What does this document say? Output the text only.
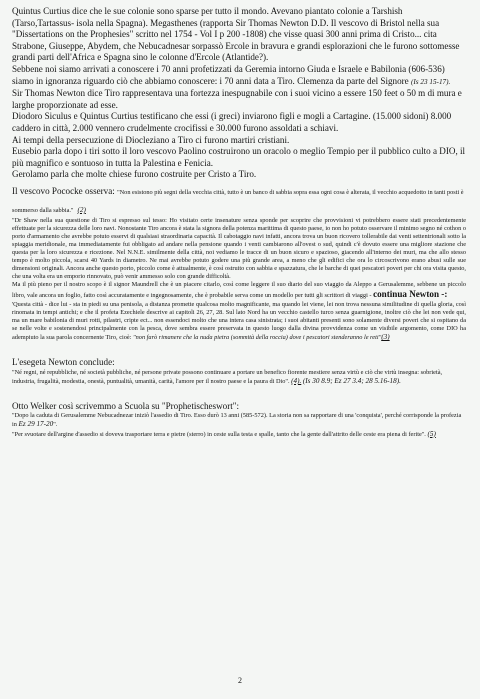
Quintus Curtius dice che le sue colonie sono sparse per tutto il mondo. Avevano piantato colonie a Tarshish (Tarso,Tartassus- isola nella Spagna). Megasthenes (rapporta Sir Thomas Newton D.D. Il vescovo di Bristol nella sua "Dissertations on the Prophesies" scritto nel 1754 - Vol I p 200 -1808) che visse quasi 300 anni prima di Cristo... cita Strabone, Giuseppe, Abydem, che Nebucadnesar sorpassò Ercole in bravura e grandi esplorazioni che le furono sottomesse grandi parti dell'Africa e Spagna sino le colonne d'Ercole (Atlantide?).

Sebbene noi siamo arrivati a conoscere i 70 anni profetizzati da Geremia intorno Giuda e Israele e Babilonia (606-536) siamo in ignoranza riguardo ciò che abbiamo conoscere: i 70 anni data a Tiro. Clemenza da parte del Signore (Is 23 15-17).

Sir Thomas Newton dice Tiro rappresentava una fortezza inespugnabile con i suoi vicino a essere 150 feet o 50 m di mura e larghe proporzionate ad esse.

Diodoro Siculus e Quintus Curtius testificano che essi (i greci) inviarono figli e mogli a Cartagine. (15.000 sidoni) 8.000 caddero in città, 2.000 vennero crudelmente crocifissi e 30.000 furono assoldati a schiavi.

Ai tempi della persecuzione di Diocleziano a Tiro ci furono martiri cristiani.

Eusebio parla dopo i tiri sotto il loro vescovo Paolino costruirono un oracolo o meglio Tempio per il pubblico culto a DIO, il più magnifico e sontuoso in tutta la Palestina e Fenicia.

Gerolamo parla che molte chiese furono costruite per Cristo a Tiro.

Il vescovo Pococke osserva: "Non esistono più segni della vecchia città, tutto è un banco di sabbia sopra essa ogni cosa è alterata, il vecchio acquedotto in tanti posti è sommerso dalla sabbia." (2)

"Dr Shaw nella sua questione di Tiro si espresso sul tesso: Ho visitato certe insenature senza sponde per scoprire che provvisioni vi potrebbero essere stati precedentemente effettuate per la sicurezza delle loro navi. Nonostante Tiro ancora è stata la signora della potenza marittima di questo paese, io non ho potuto osservare il minimo segno né cothon o porto d'armamento che avrebbe potuto esservi di qualsiasi straordinaria capacità. Il cabotaggio navi infatti, ancora trova un buon ricovero tollerabile dai venti settentrionali sotto la spiaggia meridionale, ma immediatamente fui obbligato ad andare nella pensione quando i venti cambiarono all'ovest o sud, quindi c'è dovuto essere una migliore stazione che questa per la loro sicurezza e ricezione. Nel N.N.E. similmente della città, noi vediamo le tracce di un buon sicuro e spazioso, giacendo all'interno dei muri, ma che allo stesso tempo è molto piccola, scarsi 40 Yards in diametro. Ne mai avrebbe potuto godere una più grande area, a meno che gli edifici che ora lo circoscrivono erano abusi sulle sue dimensioni originali. Ancora anche questo porto, piccolo come è attualmente, è così ostruito con sabbia e spazzatura, che le barche di quei pescatori poveri per chi ora visita questo, che una volta era un emporio rinnovato, può venir ammesso solo con grande difficoltà.

Ma il più pieno per il nostro scopo è il signor Maundrell che è un piacere citarlo, così come leggere il suo diario del suo viaggio da Aleppo a Gerusalemme, sebbene un piccolo libro, vale ancora un foglio, fatto così accuratamente e ingegnosamente, che è probabile serva come un modello per tutti gli scrittori di viaggi - continua Newton -:

'Questa città - dice lui - sta in piedi su una penisola, a distanza promette qualcosa molto magnificante, ma quando lei viene, lei non trova nessuna similitudine di quella gloria, così rinomata in tempi antichi; e che il profeta Ezechiele descrive ai capitoli 26, 27, 28. Sul lato Nord ha un vecchio castello turco senza guarnigione, inoltre ciò che lei non vede qui, ma un mare babilonia di muri rotti, pilastri, cripte ect... non essendoci molto che una intera casa sinistrata; i suoi abitanti presenti sono solamente diversi poveri che si ospitano da se nelle volte e sostenendosi principalmente con la pesca, dove sembra essere preservata in questo luogo dalla divina provvidenza come un visibile argomento, come DIO ha adempiuto la sua parola concernente Tiro, cioè: "non farò rimanere che la nuda pietra (sommità della roccia) dove i pescatori stenderanno le reti"(3)

L'esegeta Newton conclude:

"Né regni, né repubbliche, né società pubbliche, né persone private possono continuare a portare un benefico fiorente mestiere senza virtù e ciò che virtù insegna: sobrietà, industria, frugalità, modestia, onestà, puntualità, umanità, carità, l'amore per il nostro paese e la paura di Dio". (4). (Is 30 8.9; Ez 27 3.4; 28 5.16-18).

Otto Welker così scrivemmo a Scuola su "Prophetischeswort":

"Dopo la caduta di Gerusalemme Nebucadnezar iniziò l'assedio di Tiro. Esso durò 13 anni (585-572). La storia non sa rapportare di una 'conquista', perché corrisponde la profezia in Ez 29 17-20".

"Per svuotare dell'argine d'assedio si doveva trasportare terra e pietre (sterro) in ceste sulla testa e spalle, tanto che la gente dall'attrito delle ceste era piena di ferite". (5)

2
